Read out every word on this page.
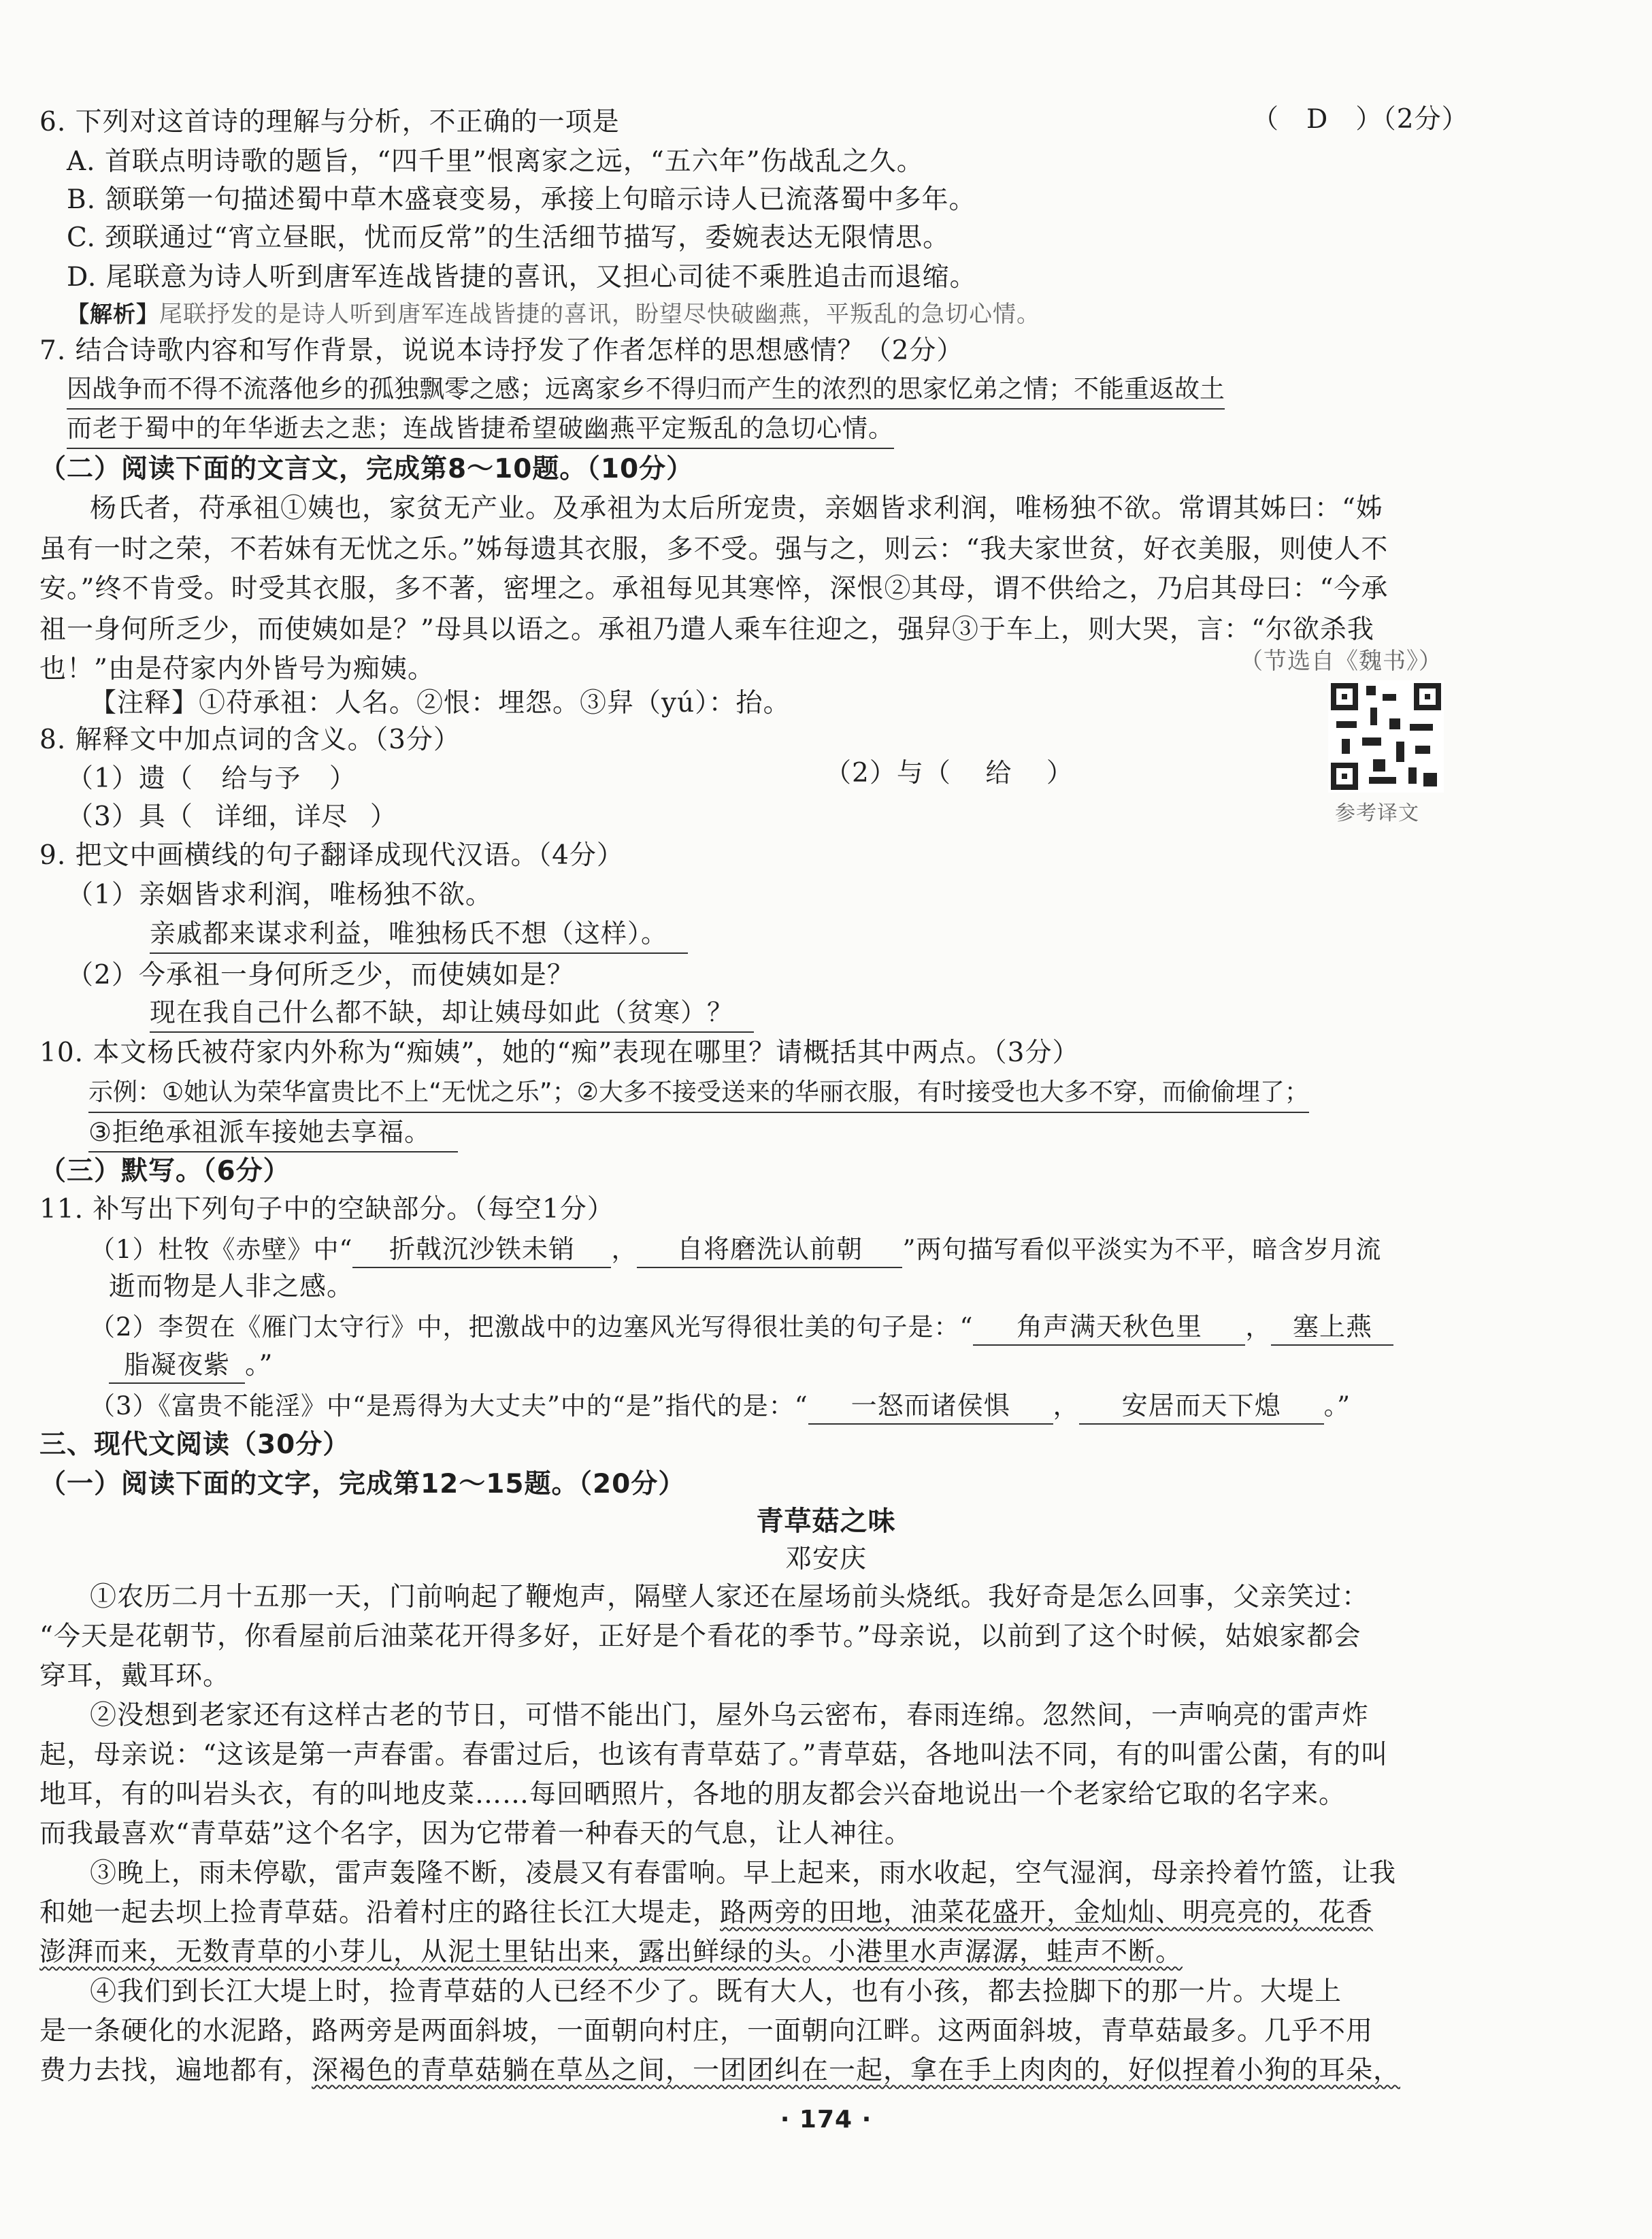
6. 下列对这首诗的理解与分析，不正确的一项是	（　D　）（2分）
A. 首联点明诗歌的题旨，“四千里”恨离家之远，“五六年”伤战乱之久。
B. 颔联第一句描述蜀中草木盛衰变易，承接上句暗示诗人已流落蜀中多年。
C. 颈联通过“宵立昼眠，忧而反常”的生活细节描写，委婉表达无限情思。
D. 尾联意为诗人听到唐军连战皆捷的喜讯，又担心司徒不乘胜追击而退缩。
【解析】尾联抒发的是诗人听到唐军连战皆捷的喜讯，盼望尽快破幽燕，平叛乱的急切心情。
7. 结合诗歌内容和写作背景，说说本诗抒发了作者怎样的思想感情？（2分）
因战争而不得不流落他乡的孤独飘零之感；远离家乡不得归而产生的浓烈的思家忆弟之情；不能重返故土
而老于蜀中的年华逝去之悲；连战皆捷希望破幽燕平定叛乱的急切心情。
（二）阅读下面的文言文，完成第8～10题。（10分）
杨氏者，苻承祖①姨也，家贫无产业。及承祖为太后所宠贵，亲姻皆求利润，唯杨独不欲。常谓其姊曰：“姊
虽有一时之荣，不若妹有无忧之乐。”姊每遗其衣服，多不受。强与之，则云：“我夫家世贫，好衣美服，则使人不
安。”终不肯受。时受其衣服，多不著，密埋之。承祖每见其寒悴，深恨②其母，谓不供给之，乃启其母曰：“今承
祖一身何所乏少，而使姨如是？”母具以语之。承祖乃遣人乘车往迎之，强舁③于车上，则大哭，言：“尔欲杀我
也！”由是苻家内外皆号为痴姨。	（节选自《魏书》）
【注释】①苻承祖：人名。②恨：埋怨。③舁（yú）：抬。
参考译文
8. 解释文中加点词的含义。（3分）
（1）遗（ 给与予 ）	（2）与（ 给 ）
（3）具（ 详细，详尽 ）
9. 把文中画横线的句子翻译成现代汉语。（4分）
（1）亲姻皆求利润，唯杨独不欲。
亲戚都来谋求利益，唯独杨氏不想（这样）。
（2）今承祖一身何所乏少，而使姨如是？
现在我自己什么都不缺，却让姨母如此（贫寒）？
10. 本文杨氏被苻家内外称为“痴姨”，她的“痴”表现在哪里？请概括其中两点。（3分）
示例：①她认为荣华富贵比不上“无忧之乐”；②大多不接受送来的华丽衣服，有时接受也大多不穿，而偷偷埋了；
③拒绝承祖派车接她去享福。
（三）默写。（6分）
11. 补写出下列句子中的空缺部分。（每空1分）
（1）杜牧《赤壁》中“ 折戟沉沙铁未销 ， 自将磨洗认前朝 ”两句描写看似平淡实为不平，暗含岁月流
逝而物是人非之感。
（2）李贺在《雁门太守行》中，把激战中的边塞风光写得很壮美的句子是：“ 角声满天秋色里 ， 塞上燕
脂凝夜紫 。”
（3）《富贵不能淫》中“是焉得为大丈夫”中的“是”指代的是：“ 一怒而诸侯惧 ， 安居而天下熄 。”
三、现代文阅读（30分）
（一）阅读下面的文字，完成第12～15题。（20分）
青草菇之味
邓安庆
①农历二月十五那一天，门前响起了鞭炮声，隔壁人家还在屋场前头烧纸。我好奇是怎么回事，父亲笑过：
“今天是花朝节，你看屋前后油菜花开得多好，正好是个看花的季节。”母亲说，以前到了这个时候，姑娘家都会
穿耳，戴耳环。
②没想到老家还有这样古老的节日，可惜不能出门，屋外乌云密布，春雨连绵。忽然间，一声响亮的雷声炸
起，母亲说：“这该是第一声春雷。春雷过后，也该有青草菇了。”青草菇，各地叫法不同，有的叫雷公菌，有的叫
地耳，有的叫岩头衣，有的叫地皮菜……每回晒照片，各地的朋友都会兴奋地说出一个老家给它取的名字来。
而我最喜欢“青草菇”这个名字，因为它带着一种春天的气息，让人神往。
③晚上，雨未停歇，雷声轰隆不断，凌晨又有春雷响。早上起来，雨水收起，空气湿润，母亲拎着竹篮，让我
和她一起去坝上捡青草菇。沿着村庄的路往长江大堤走，路两旁的田地，油菜花盛开，金灿灿、明亮亮的，花香
澎湃而来，无数青草的小芽儿，从泥土里钻出来，露出鲜绿的头。小港里水声潺潺，蛙声不断。
④我们到长江大堤上时，捡青草菇的人已经不少了。既有大人，也有小孩，都去捡脚下的那一片。大堤上
是一条硬化的水泥路，路两旁是两面斜坡，一面朝向村庄，一面朝向江畔。这两面斜坡，青草菇最多。几乎不用
费力去找，遍地都有，深褐色的青草菇躺在草丛之间，一团团纠在一起，拿在手上肉肉的，好似捏着小狗的耳朵，
· 174 ·
